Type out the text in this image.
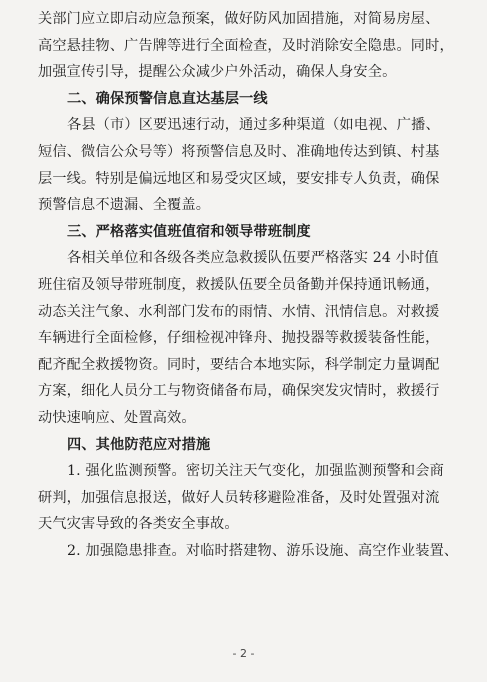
关部门应立即启动应急预案，做好防风加固措施，对简易房屋、
高空悬挂物、广告牌等进行全面检查，及时消除安全隐患。同时，
加强宣传引导，提醒公众减少户外活动，确保人身安全。
二、确保预警信息直达基层一线
各县（市）区要迅速行动，通过多种渠道（如电视、广播、
短信、微信公众号等）将预警信息及时、准确地传达到镇、村基
层一线。特别是偏远地区和易受灾区域，要安排专人负责，确保
预警信息不遗漏、全覆盖。
三、严格落实值班值宿和领导带班制度
各相关单位和各级各类应急救援队伍要严格落实 24 小时值
班住宿及领导带班制度，救援队伍要全员备勤并保持通讯畅通，
动态关注气象、水利部门发布的雨情、水情、汛情信息。对救援
车辆进行全面检修，仔细检视冲锋舟、抛投器等救援装备性能，
配齐配全救援物资。同时，要结合本地实际，科学制定力量调配
方案，细化人员分工与物资储备布局，确保突发灾情时，救援行
动快速响应、处置高效。
四、其他防范应对措施
1. 强化监测预警。密切关注天气变化，加强监测预警和会商
研判，加强信息报送，做好人员转移避险准备，及时处置强对流
天气灾害导致的各类安全事故。
2. 加强隐患排查。对临时搭建物、游乐设施、高空作业装置、
- 2 -
